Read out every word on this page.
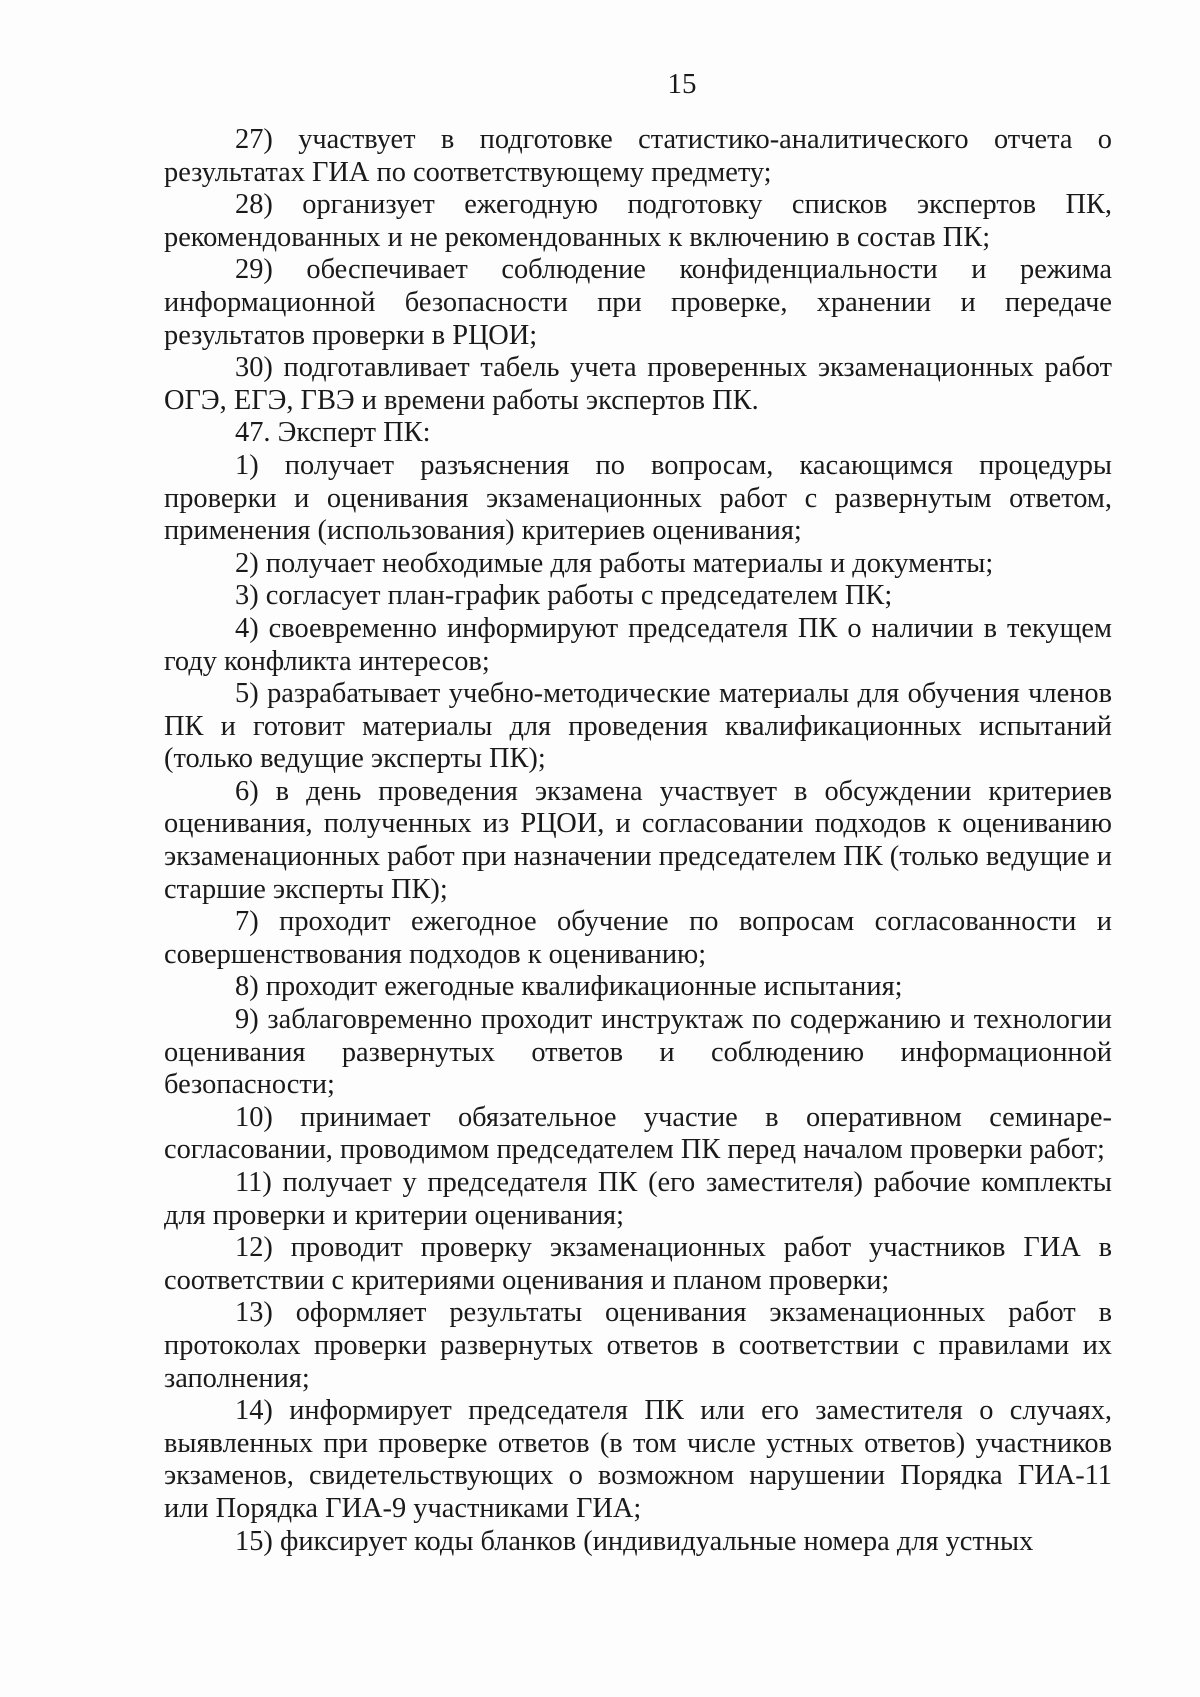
15

27) участвует в подготовке статистико-аналитического отчета о результатах ГИА по соответствующему предмету;

28) организует ежегодную подготовку списков экспертов ПК, рекомендованных и не рекомендованных к включению в состав ПК;

29) обеспечивает соблюдение конфиденциальности и режима информационной безопасности при проверке, хранении и передаче результатов проверки в РЦОИ;

30) подготавливает табель учета проверенных экзаменационных работ ОГЭ, ЕГЭ, ГВЭ и времени работы экспертов ПК.

47. Эксперт ПК:

1) получает разъяснения по вопросам, касающимся процедуры проверки и оценивания экзаменационных работ с развернутым ответом, применения (использования) критериев оценивания;

2) получает необходимые для работы материалы и документы;

3) согласует план-график работы с председателем ПК;

4) своевременно информируют председателя ПК о наличии в текущем году конфликта интересов;

5) разрабатывает учебно-методические материалы для обучения членов ПК и готовит материалы для проведения квалификационных испытаний (только ведущие эксперты ПК);

6) в день проведения экзамена участвует в обсуждении критериев оценивания, полученных из РЦОИ, и согласовании подходов к оцениванию экзаменационных работ при назначении председателем ПК (только ведущие и старшие эксперты ПК);

7) проходит ежегодное обучение по вопросам согласованности и совершенствования подходов к оцениванию;

8) проходит ежегодные квалификационные испытания;

9) заблаговременно проходит инструктаж по содержанию и технологии оценивания развернутых ответов и соблюдению информационной безопасности;

10) принимает обязательное участие в оперативном семинаре-согласовании, проводимом председателем ПК перед началом проверки работ;

11) получает у председателя ПК (его заместителя) рабочие комплекты для проверки и критерии оценивания;

12) проводит проверку экзаменационных работ участников ГИА в соответствии с критериями оценивания и планом проверки;

13) оформляет результаты оценивания экзаменационных работ в протоколах проверки развернутых ответов в соответствии с правилами их заполнения;

14) информирует председателя ПК или его заместителя о случаях, выявленных при проверке ответов (в том числе устных ответов) участников экзаменов, свидетельствующих о возможном нарушении Порядка ГИА-11 или Порядка ГИА-9 участниками ГИА;

15) фиксирует коды бланков (индивидуальные номера для устных
